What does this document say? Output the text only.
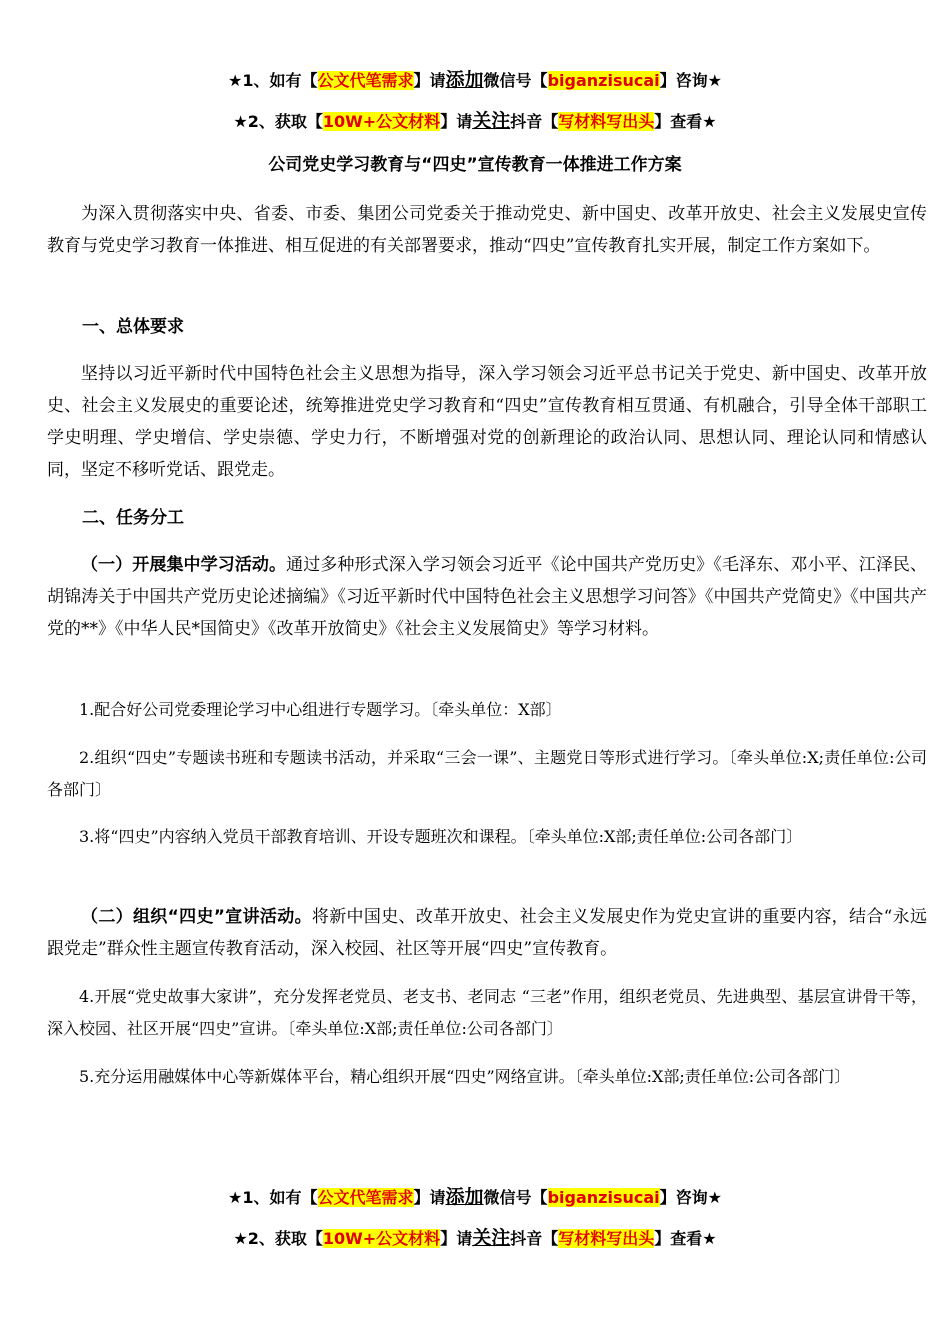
★1、如有【公文代笔需求】请添加微信号【biganzisucai】咨询★
★2、获取【10W+公文材料】请关注抖音【写材料写出头】查看★
公司党史学习教育与“四史”宣传教育一体推进工作方案

为深入贯彻落实中央、省委、市委、集团公司党委关于推动党史、新中国史、改革开放史、社会主义发展史宣传教育与党史学习教育一体推进、相互促进的有关部署要求，推动“四史”宣传教育扎实开展，制定工作方案如下。

一、总体要求

坚持以习近平新时代中国特色社会主义思想为指导，深入学习领会习近平总书记关于党史、新中国史、改革开放史、社会主义发展史的重要论述，统筹推进党史学习教育和“四史”宣传教育相互贯通、有机融合，引导全体干部职工学史明理、学史增信、学史崇德、学史力行，不断增强对党的创新理论的政治认同、思想认同、理论认同和情感认同，坚定不移听党话、跟党走。

二、任务分工

（一）开展集中学习活动。通过多种形式深入学习领会习近平《论中国共产党历史》《毛泽东、邓小平、江泽民、胡锦涛关于中国共产党历史论述摘编》《习近平新时代中国特色社会主义思想学习问答》《中国共产党简史》《中国共产党的**》《中华人民*国简史》《改革开放简史》《社会主义发展简史》等学习材料。

1.配合好公司党委理论学习中心组进行专题学习。〔牵头单位：X部〕

2.组织“四史”专题读书班和专题读书活动，并采取“三会一课”、主题党日等形式进行学习。〔牵头单位:X;责任单位:公司各部门〕

3.将“四史”内容纳入党员干部教育培训、开设专题班次和课程。〔牵头单位:X部;责任单位:公司各部门〕

（二）组织“四史”宣讲活动。将新中国史、改革开放史、社会主义发展史作为党史宣讲的重要内容，结合“永远跟党走”群众性主题宣传教育活动，深入校园、社区等开展“四史”宣传教育。

4.开展“党史故事大家讲”，充分发挥老党员、老支书、老同志 “三老”作用，组织老党员、先进典型、基层宣讲骨干等，深入校园、社区开展“四史”宣讲。〔牵头单位:X部;责任单位:公司各部门〕

5.充分运用融媒体中心等新媒体平台，精心组织开展“四史”网络宣讲。〔牵头单位:X部;责任单位:公司各部门〕

★1、如有【公文代笔需求】请添加微信号【biganzisucai】咨询★
★2、获取【10W+公文材料】请关注抖音【写材料写出头】查看★
